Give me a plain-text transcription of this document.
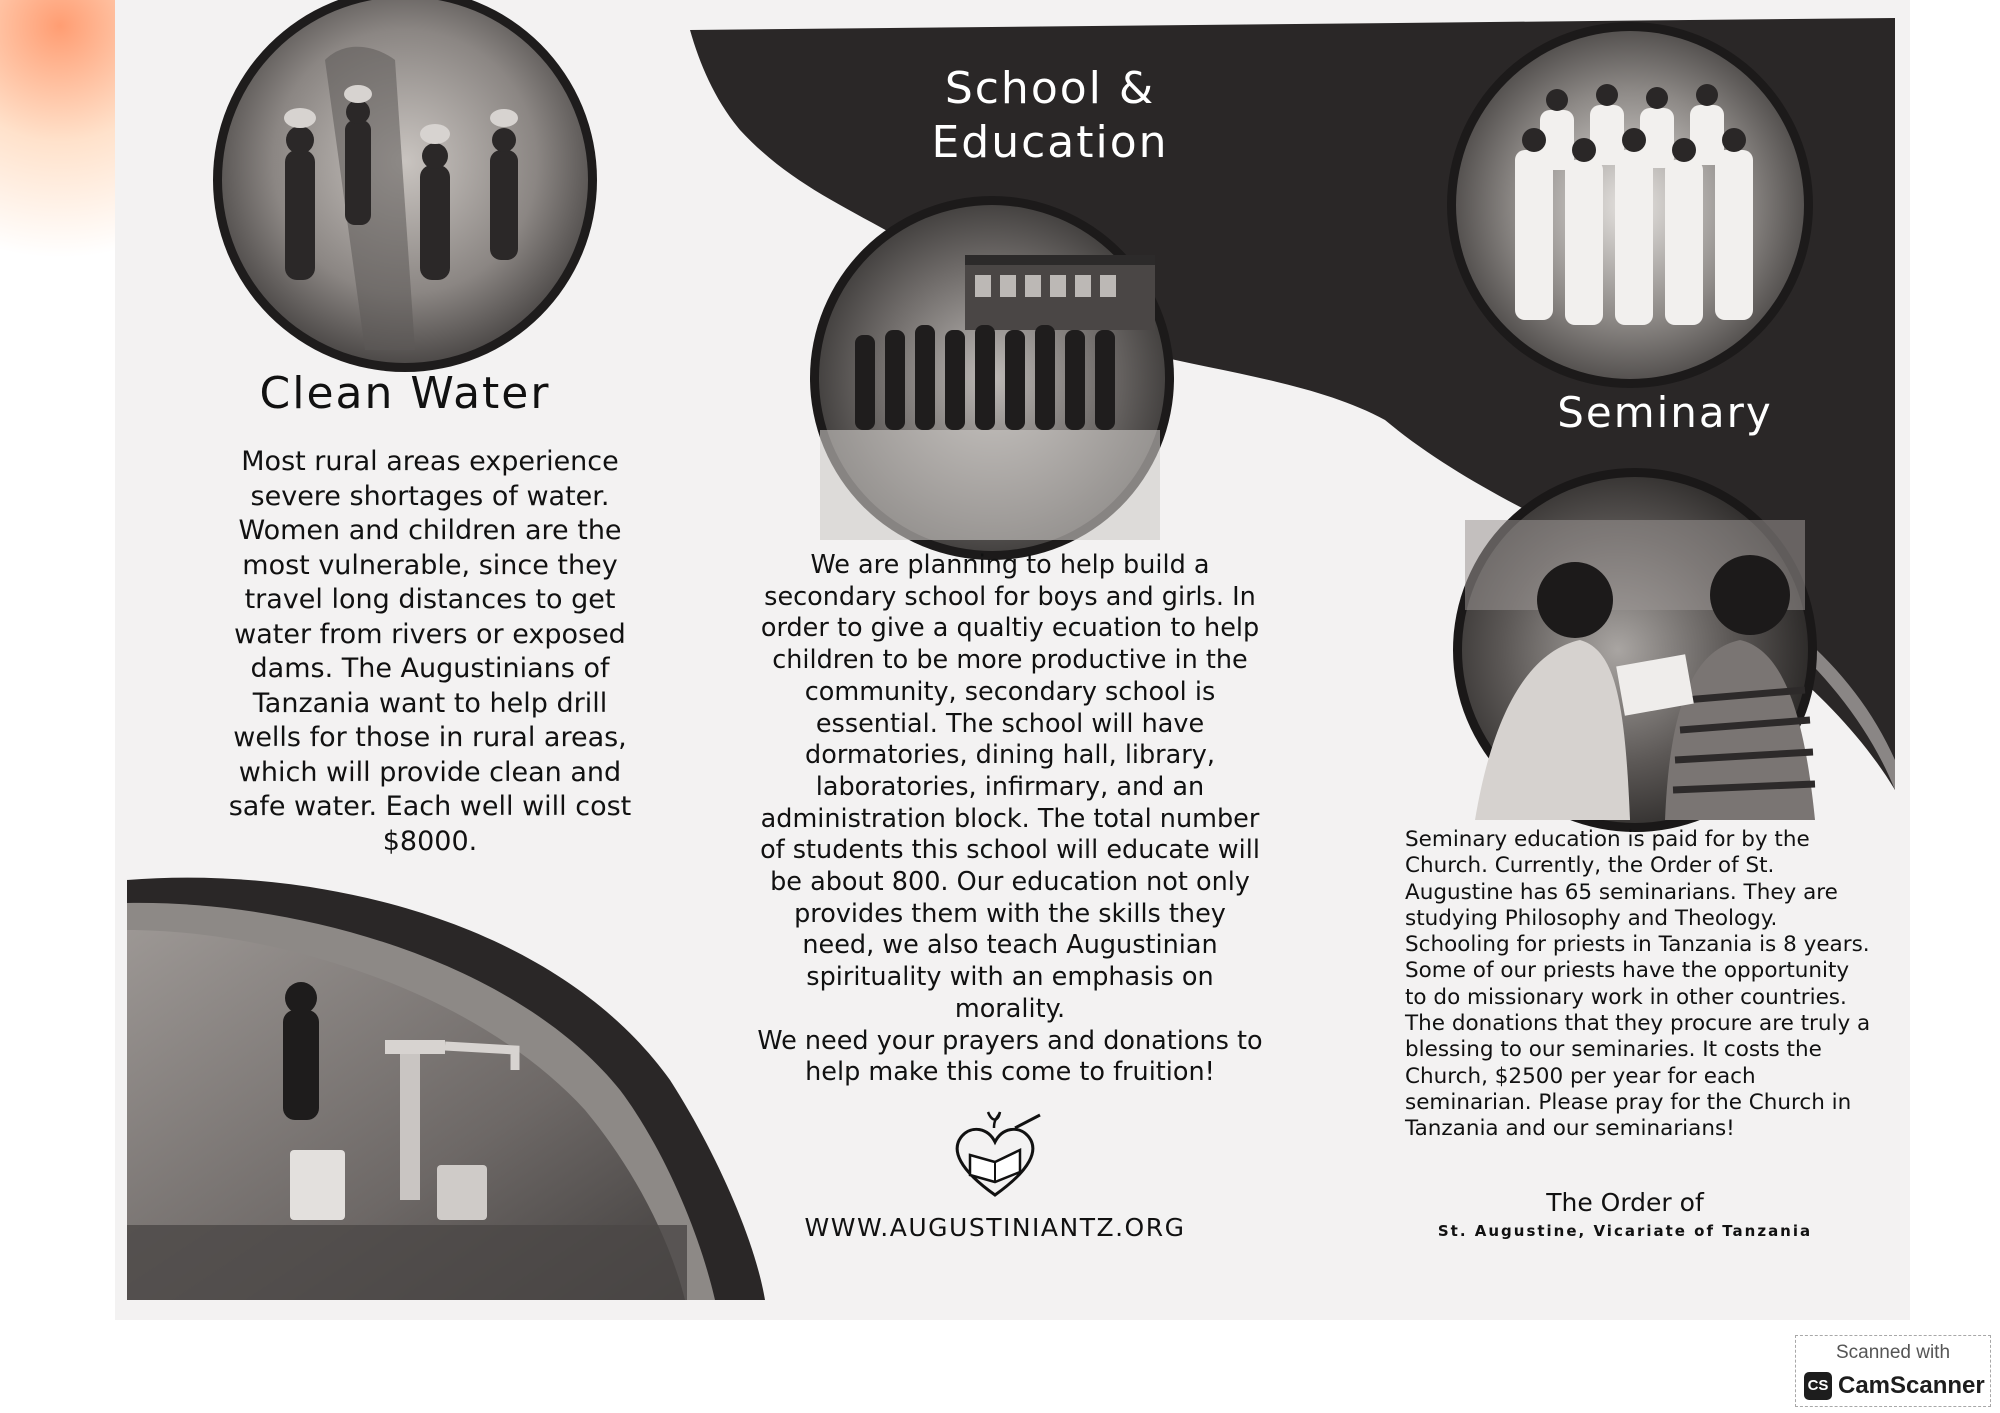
Clean Water

Most rural areas experience severe shortages of water. Women and children are the most vulnerable, since they travel long distances to get water from rivers or exposed dams. The Augustinians of Tanzania want to help drill wells for those in rural areas, which will provide clean and safe water. Each well will cost $8000.

School &
Education

We are planning to help build a secondary school for boys and girls. In order to give a qualtiy ecuation to help children to be more productive in the community, secondary school is essential. The school will have dormatories, dining hall, library, laboratories, infirmary, and an administration block. The total number of students this school will educate will be about 800. Our education not only provides them with the skills they need, we also teach Augustinian spirituality with an emphasis on morality.
We need your prayers and donations to help make this come to fruition!

WWW.AUGUSTINIANTZ.ORG

Seminary

Seminary education is paid for by the Church. Currently, the Order of St. Augustine has 65 seminarians. They are studying Philosophy and Theology. Schooling for priests in Tanzania is 8 years. Some of our priests have the opportunity to do missionary work in other countries. The donations that they procure are truly a blessing to our seminaries. It costs the Church, $2500 per year for each seminarian. Please pray for the Church in Tanzania and our seminarians!

The Order of

St. Augustine, Vicariate of Tanzania

Scanned with
CS CamScanner
